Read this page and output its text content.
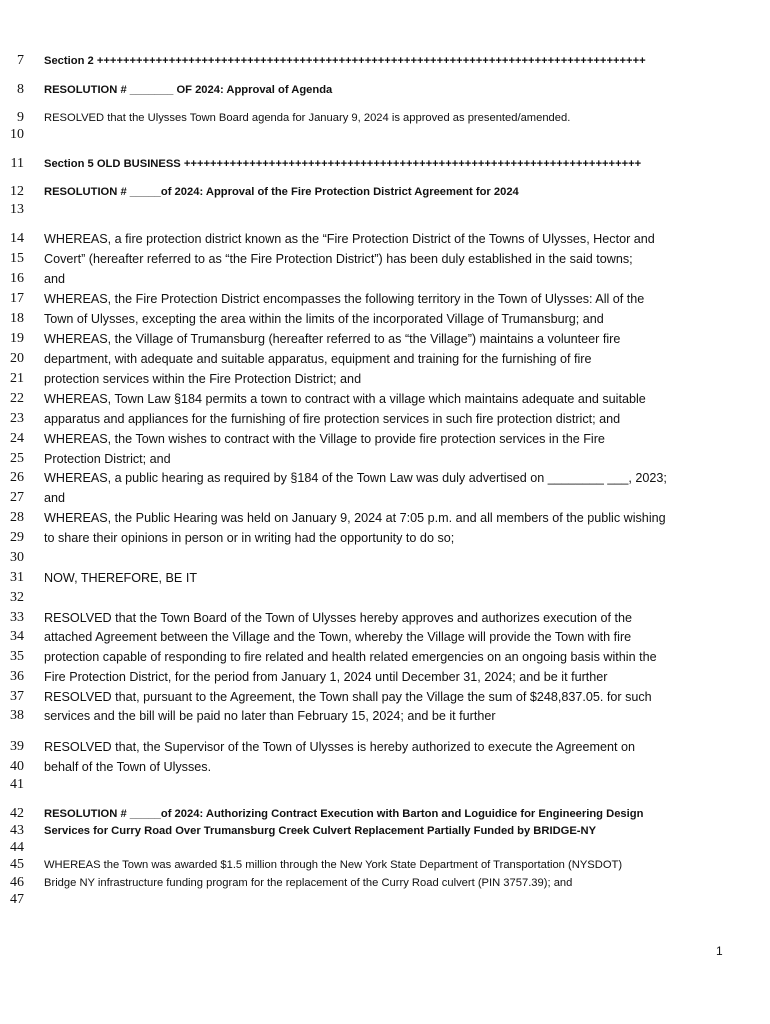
7 Section 2 ++++++++++++++++++++++++++++++++++++++++++++++++++++++++++++++++++++++++++++++++++++
8 RESOLUTION # _______ OF 2024: Approval of Agenda
9 RESOLVED that the Ulysses Town Board agenda for January 9, 2024 is approved as presented/amended.
10
11 Section 5 OLD BUSINESS ++++++++++++++++++++++++++++++++++++++++++++++++++++++++++++++++++++++
12 RESOLUTION # _____of 2024: Approval of the Fire Protection District Agreement for 2024
13
14 WHEREAS, a fire protection district known as the “Fire Protection District of the Towns of Ulysses, Hector and
15 Covert” (hereafter referred to as “the Fire Protection District”) has been duly established in the said towns;
16 and
17 WHEREAS, the Fire Protection District encompasses the following territory in the Town of Ulysses: All of the
18 Town of Ulysses, excepting the area within the limits of the incorporated Village of Trumansburg; and
19 WHEREAS, the Village of Trumansburg (hereafter referred to as “the Village”) maintains a volunteer fire
20 department, with adequate and suitable apparatus, equipment and training for the furnishing of fire
21 protection services within the Fire Protection District; and
22 WHEREAS, Town Law §184 permits a town to contract with a village which maintains adequate and suitable
23 apparatus and appliances for the furnishing of fire protection services in such fire protection district; and
24 WHEREAS, the Town wishes to contract with the Village to provide fire protection services in the Fire
25 Protection District; and
26 WHEREAS, a public hearing as required by §184 of the Town Law was duly advertised on ________ ___, 2023;
27 and
28 WHEREAS, the Public Hearing was held on January 9, 2024 at 7:05 p.m. and all members of the public wishing
29 to share their opinions in person or in writing had the opportunity to do so;
30
31 NOW, THEREFORE, BE IT
32
33 RESOLVED that the Town Board of the Town of Ulysses hereby approves and authorizes execution of the
34 attached Agreement between the Village and the Town, whereby the Village will provide the Town with fire
35 protection capable of responding to fire related and health related emergencies on an ongoing basis within the
36 Fire Protection District, for the period from January 1, 2024 until December 31, 2024; and be it further
37 RESOLVED that, pursuant to the Agreement, the Town shall pay the Village the sum of $248,837.05. for such
38 services and the bill will be paid no later than February 15, 2024; and be it further
39 RESOLVED that, the Supervisor of the Town of Ulysses is hereby authorized to execute the Agreement on
40 behalf of the Town of Ulysses.
41
42 RESOLUTION # _____of 2024: Authorizing Contract Execution with Barton and Loguidice for Engineering Design
43 Services for Curry Road Over Trumansburg Creek Culvert Replacement Partially Funded by BRIDGE-NY
44
45 WHEREAS the Town was awarded $1.5 million through the New York State Department of Transportation (NYSDOT)
46 Bridge NY infrastructure funding program for the replacement of the Curry Road culvert (PIN 3757.39); and
47
1
